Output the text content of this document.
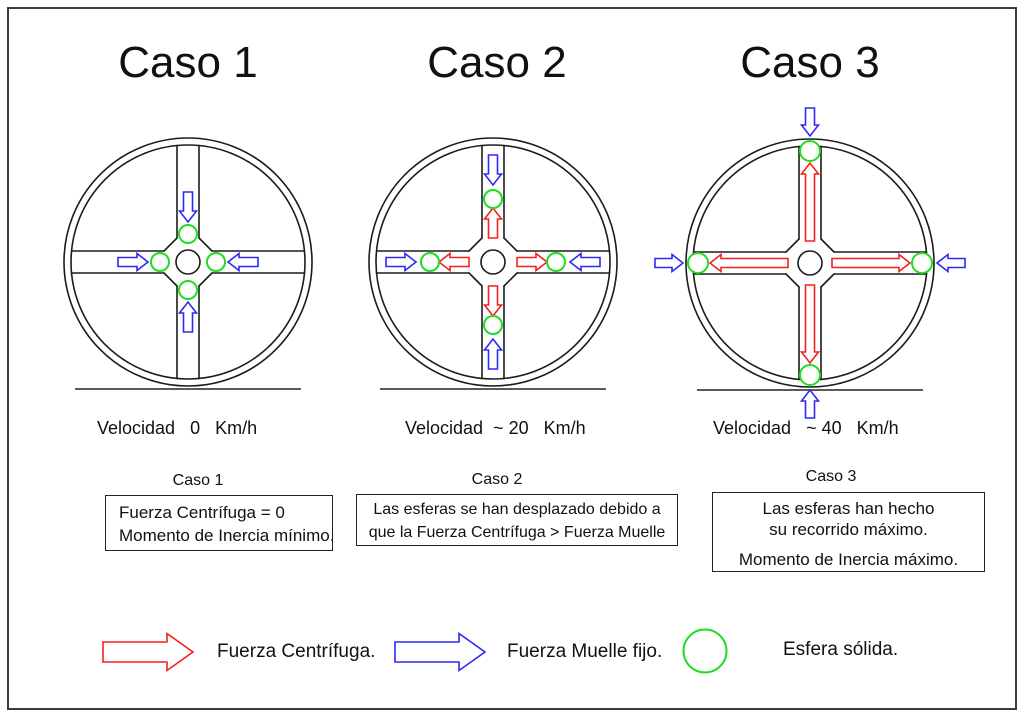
Caso 1	Caso 2	Caso 3
Velocidad   0   Km/h	Velocidad  ~ 20   Km/h	Velocidad   ~ 40   Km/h
Caso 1	Caso 2	Caso 3
Fuerza Centrífuga = 0
Momento de Inercia mínimo.
Las esferas se han desplazado debido a
que la Fuerza Centrífuga > Fuerza Muelle
Las esferas han hecho
su recorrido máximo.
Momento de Inercia máximo.
Fuerza Centrífuga.	Fuerza Muelle fijo.	Esfera sólida.
